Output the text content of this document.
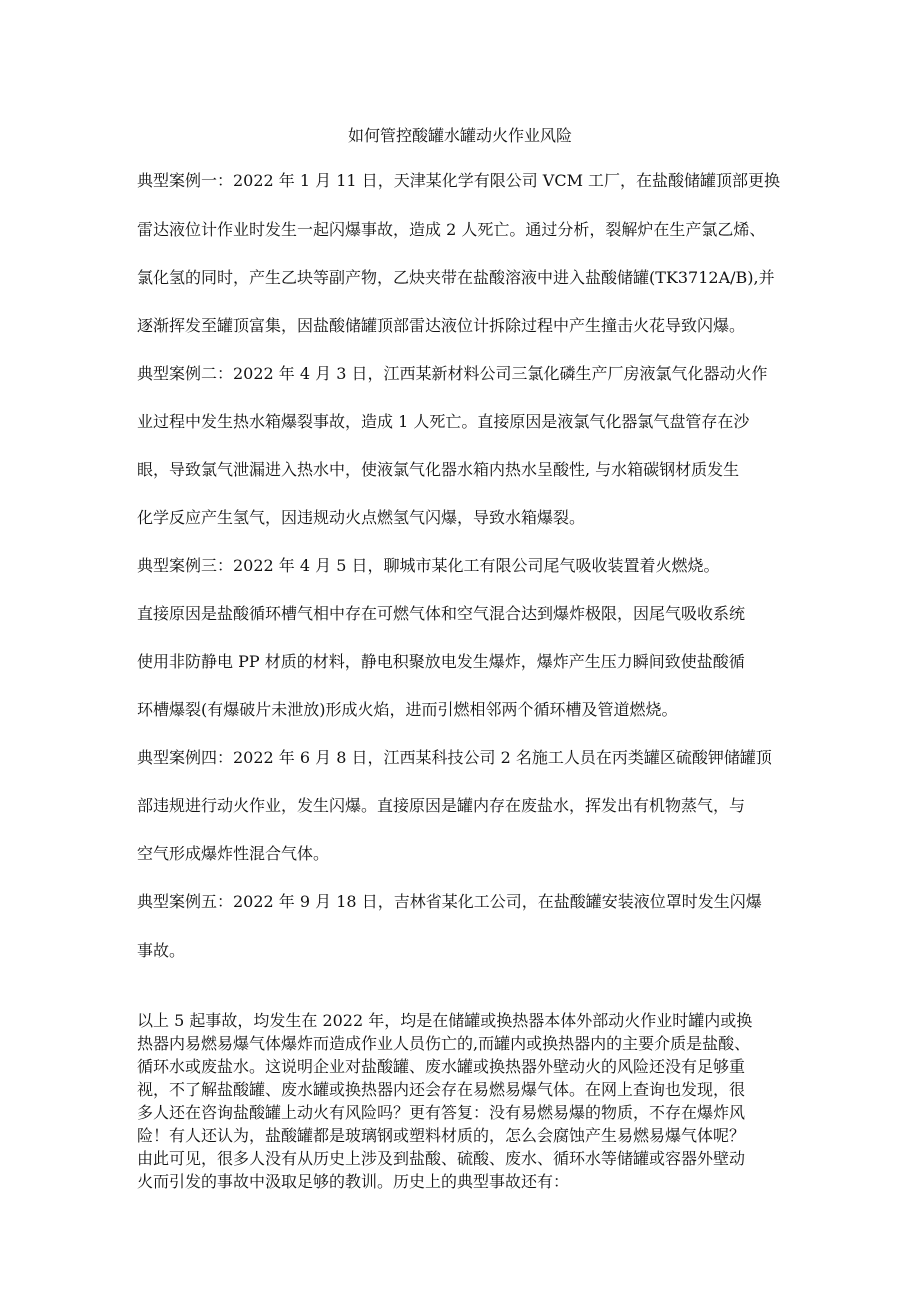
如何管控酸罐水罐动火作业风险
典型案例一：2022 年 1 月 11 日，天津某化学有限公司 VCM 工厂，在盐酸储罐顶部更换
雷达液位计作业时发生一起闪爆事故，造成 2 人死亡。通过分析，裂解炉在生产氯乙烯、
氯化氢的同时，产生乙块等副产物，乙炔夹带在盐酸溶液中进入盐酸储罐(TK3712A/B),并
逐渐挥发至罐顶富集，因盐酸储罐顶部雷达液位计拆除过程中产生撞击火花导致闪爆。
典型案例二：2022 年 4 月 3 日，江西某新材料公司三氯化磷生产厂房液氯气化器动火作
业过程中发生热水箱爆裂事故，造成 1 人死亡。直接原因是液氯气化器氯气盘管存在沙
眼，导致氯气泄漏进入热水中，使液氯气化器水箱内热水呈酸性, 与水箱碳钢材质发生
化学反应产生氢气，因违规动火点燃氢气闪爆，导致水箱爆裂。
典型案例三：2022 年 4 月 5 日，聊城市某化工有限公司尾气吸收装置着火燃烧。
直接原因是盐酸循环槽气相中存在可燃气体和空气混合达到爆炸极限，因尾气吸收系统
使用非防静电 PP 材质的材料，静电积聚放电发生爆炸，爆炸产生压力瞬间致使盐酸循
环槽爆裂(有爆破片未泄放)形成火焰，进而引燃相邻两个循环槽及管道燃烧。
典型案例四：2022 年 6 月 8 日，江西某科技公司 2 名施工人员在丙类罐区硫酸钾储罐顶
部违规进行动火作业，发生闪爆。直接原因是罐内存在废盐水，挥发出有机物蒸气，与
空气形成爆炸性混合气体。
典型案例五：2022 年 9 月 18 日，吉林省某化工公司，在盐酸罐安装液位罩时发生闪爆
事故。
以上 5 起事故，均发生在 2022 年，均是在储罐或换热器本体外部动火作业时罐内或换
热器内易燃易爆气体爆炸而造成作业人员伤亡的,而罐内或换热器内的主要介质是盐酸、
循环水或废盐水。这说明企业对盐酸罐、废水罐或换热器外壁动火的风险还没有足够重
视，不了解盐酸罐、废水罐或换热器内还会存在易燃易爆气体。在网上查询也发现，很
多人还在咨询盐酸罐上动火有风险吗？更有答复：没有易燃易爆的物质，不存在爆炸风
险！有人还认为，盐酸罐都是玻璃钢或塑料材质的，怎么会腐蚀产生易燃易爆气体呢？
由此可见，很多人没有从历史上涉及到盐酸、硫酸、废水、循环水等储罐或容器外壁动
火而引发的事故中汲取足够的教训。历史上的典型事故还有：
